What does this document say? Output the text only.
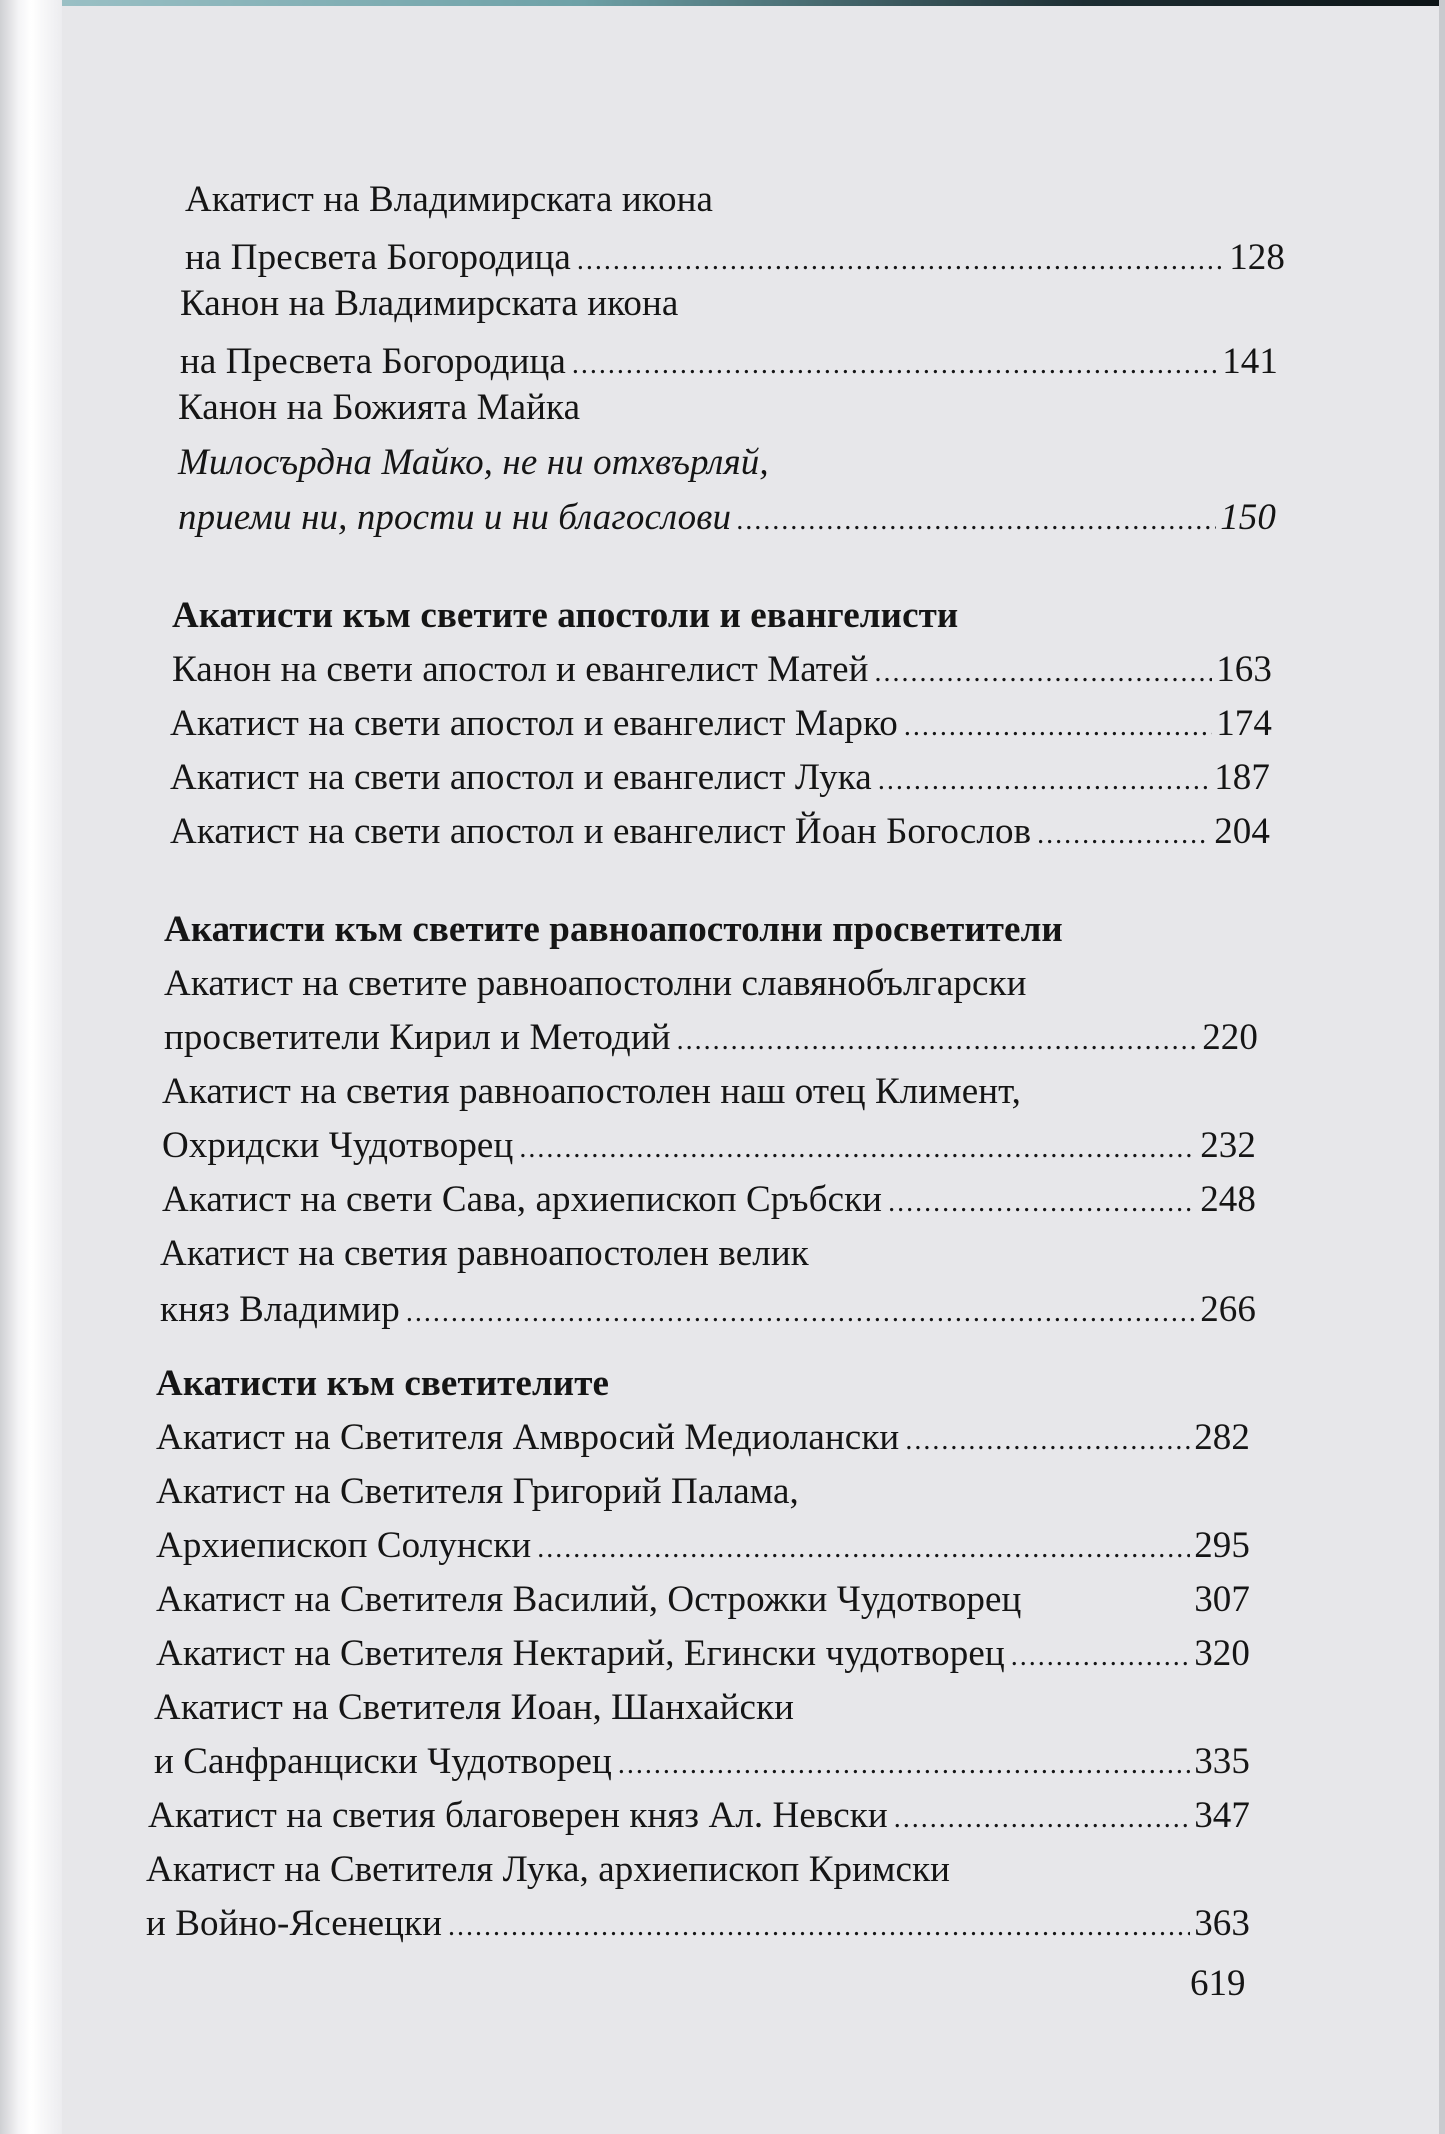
Акатист на Владимирската икона
на Пресвета Богородица .....	128
Канон на Владимирската икона
на Пресвета Богородица .....	141
Канон на Божията Майка
Милосърдна Майко, не ни отхвърляй,
приеми ни, прости и ни благослови .....	150
Акатисти към светите апостоли и евангелисти
Канон на свети апостол и евангелист Матей .....	163
Акатист на свети апостол и евангелист Марко .....	174
Акатист на свети апостол и евангелист Лука .....	187
Акатист на свети апостол и евангелист Йоан Богослов .....	204
Акатисти към светите равноапостолни просветители
Акатист на светите равноапостолни славянобългарски
просветители Кирил и Методий .....	220
Акатист на светия равноапостолен наш отец Климент,
Охридски Чудотворец .....	232
Акатист на свети Сава, архиепископ Сръбски .....	248
Акатист на светия равноапостолен велик
княз Владимир .....	266
Акатисти към светителите
Акатист на Светителя Амвросий Медиолански .....	282
Акатист на Светителя Григорий Палама,
Архиепископ Солунски .....	295
Акатист на Светителя Василий, Острожки Чудотворец	307
Акатист на Светителя Нектарий, Егински чудотворец .....	320
Акатист на Светителя Иоан, Шанхайски
и Санфранциски Чудотворец .....	335
Акатист на светия благоверен княз Ал. Невски .....	347
Акатист на Светителя Лука, архиепископ Кримски
и Войно-Ясенецки .....	363
619
